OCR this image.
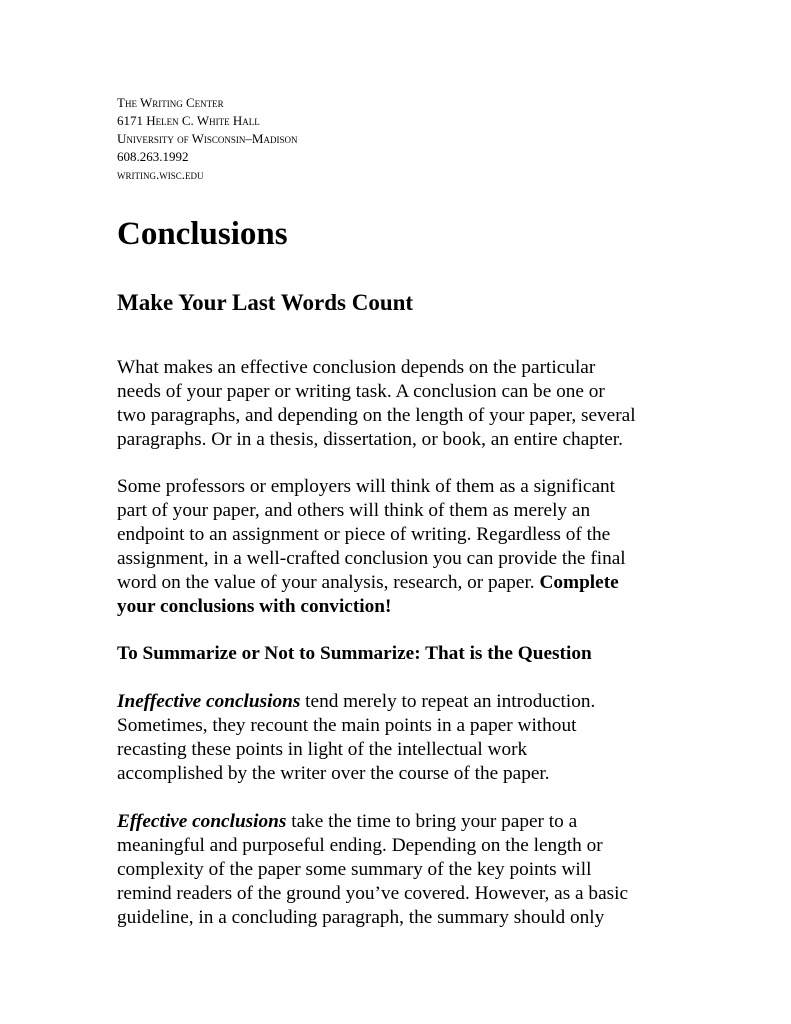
The Writing Center
6171 Helen C. White Hall
University of Wisconsin–Madison
608.263.1992
writing.wisc.edu
Conclusions
Make Your Last Words Count

What makes an effective conclusion depends on the particular
needs of your paper or writing task. A conclusion can be one or
two paragraphs, and depending on the length of your paper, several
paragraphs. Or in a thesis, dissertation, or book, an entire chapter.

Some professors or employers will think of them as a significant
part of your paper, and others will think of them as merely an
endpoint to an assignment or piece of writing. Regardless of the
assignment, in a well-crafted conclusion you can provide the final
word on the value of your analysis, research, or paper. Complete
your conclusions with conviction!

To Summarize or Not to Summarize: That is the Question

Ineffective conclusions tend merely to repeat an introduction.
Sometimes, they recount the main points in a paper without
recasting these points in light of the intellectual work
accomplished by the writer over the course of the paper.

Effective conclusions take the time to bring your paper to a
meaningful and purposeful ending. Depending on the length or
complexity of the paper some summary of the key points will
remind readers of the ground you’ve covered. However, as a basic
guideline, in a concluding paragraph, the summary should only
